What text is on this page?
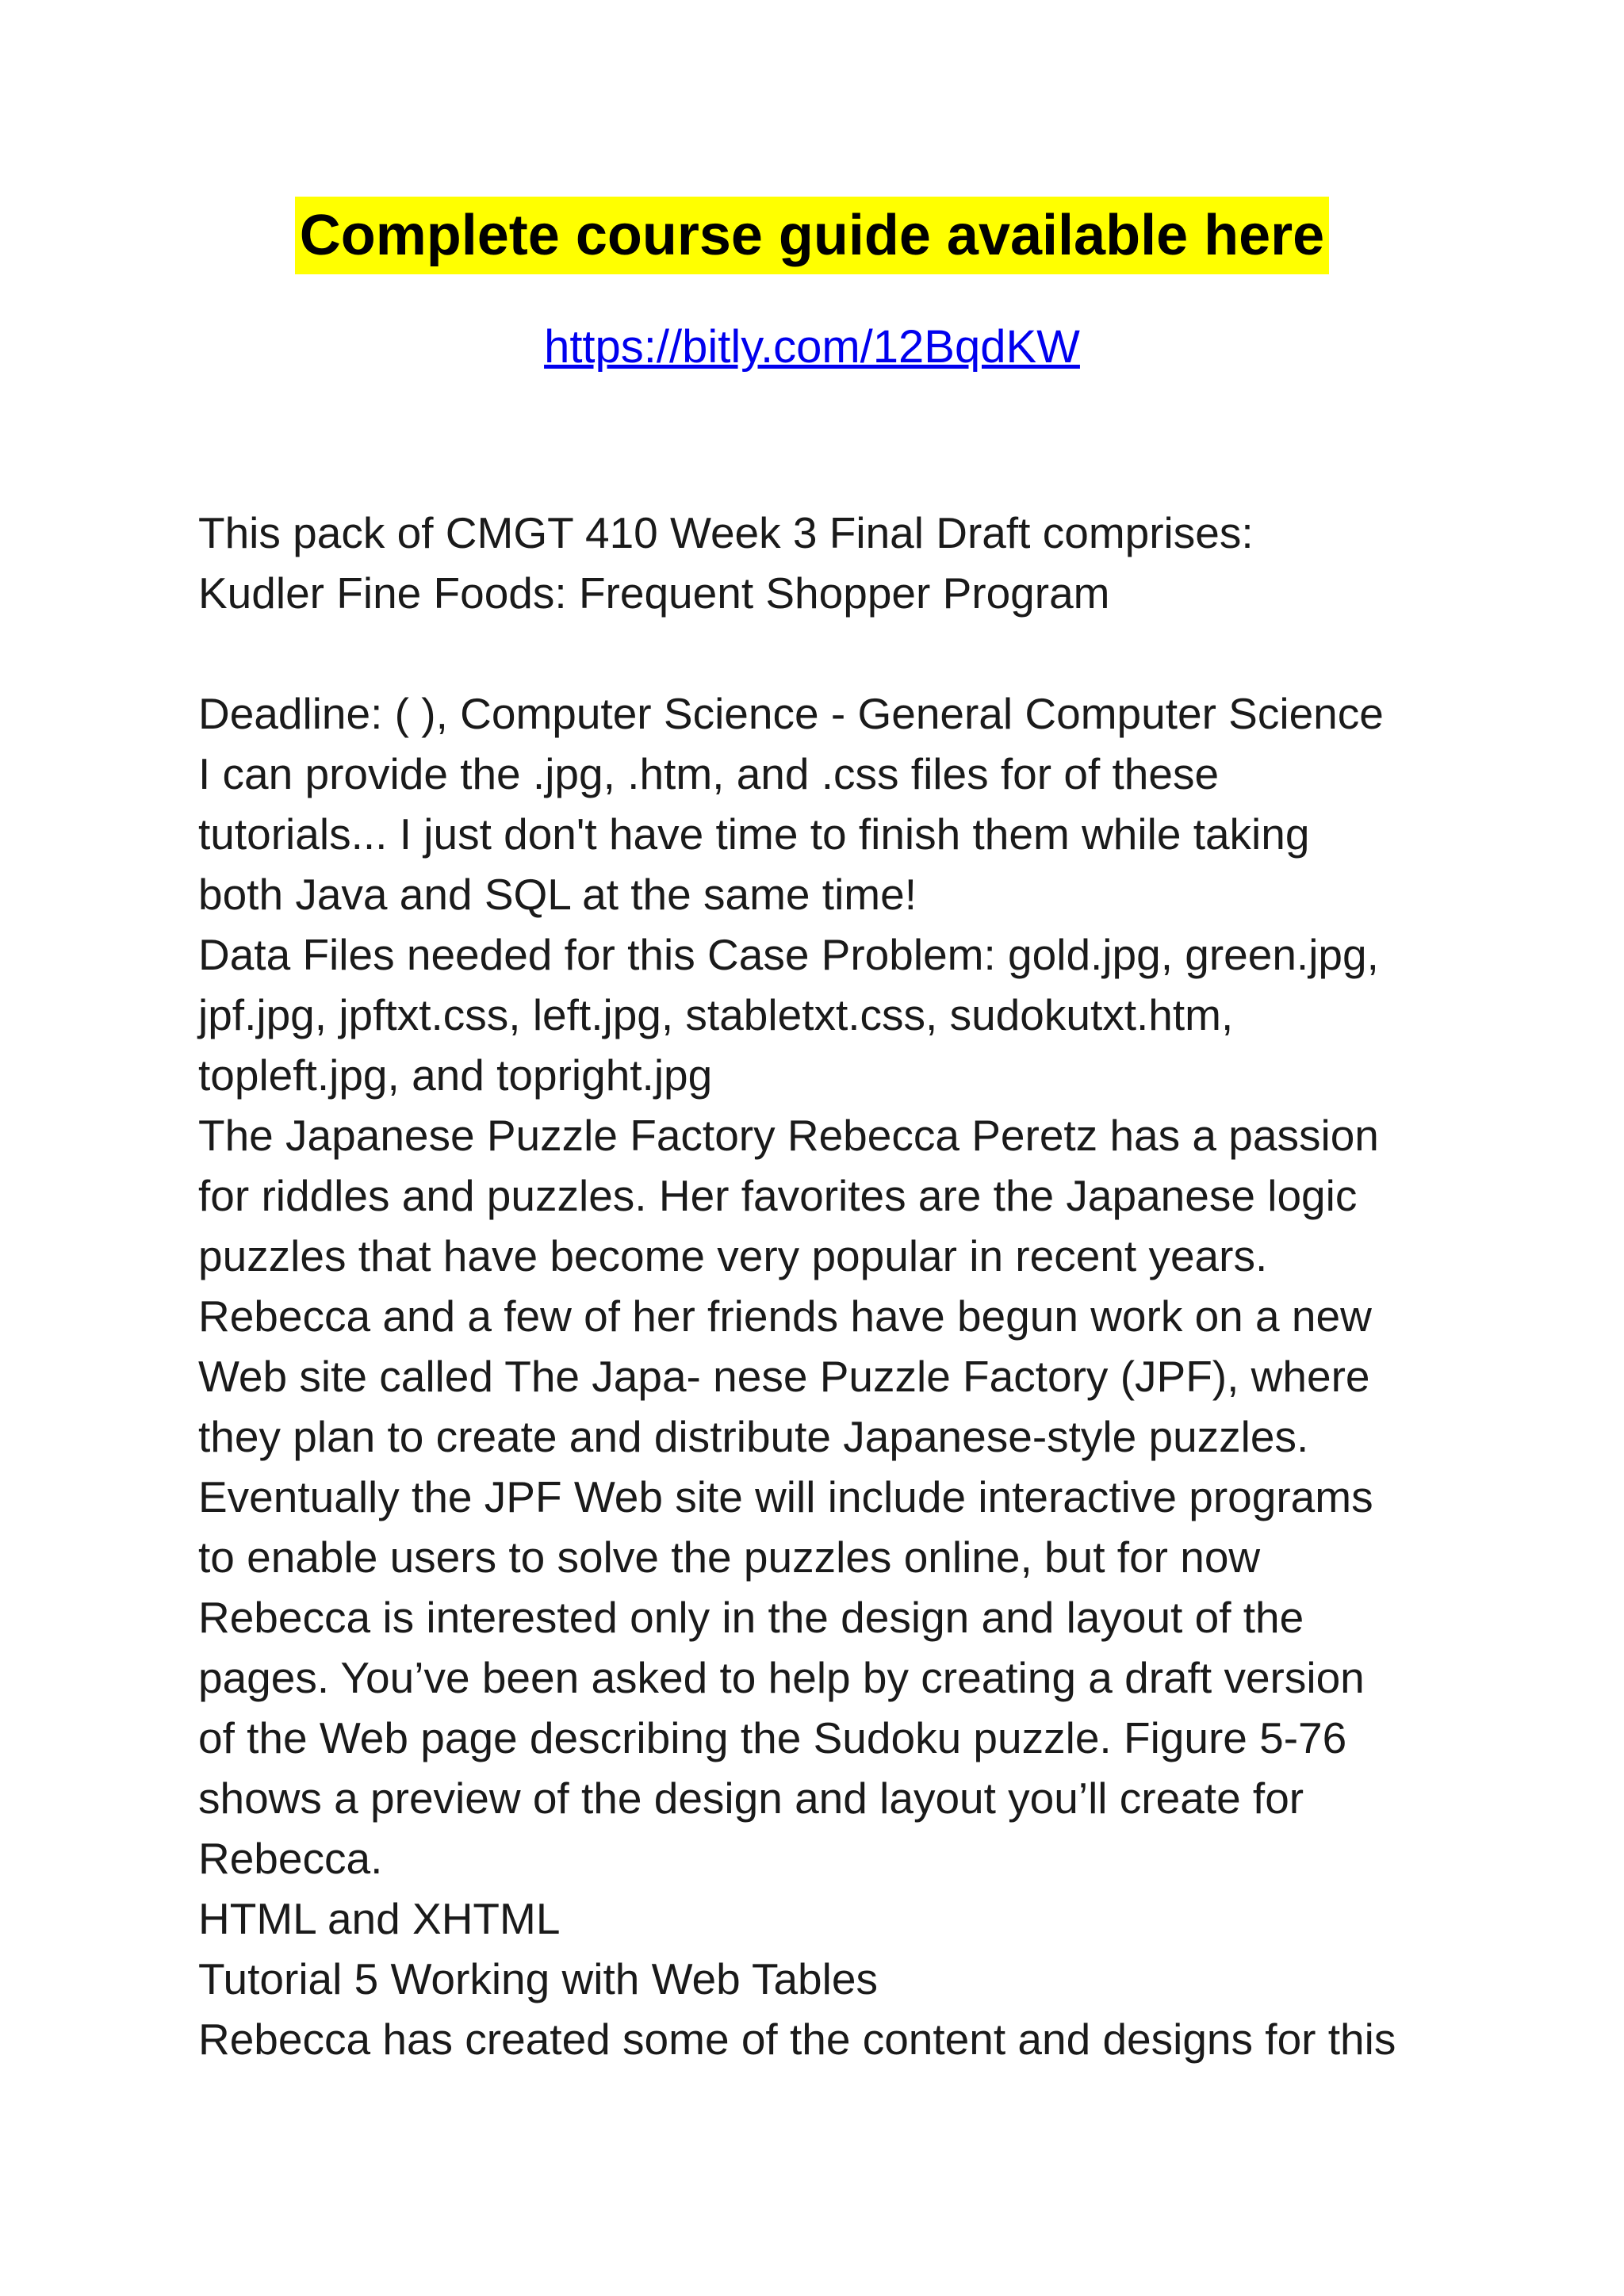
Complete course guide available here
https://bitly.com/12BqdKW
This pack of CMGT 410 Week 3 Final Draft comprises:
Kudler Fine Foods: Frequent Shopper Program
Deadline: ( ), Computer Science - General Computer Science
I can provide the .jpg, .htm, and .css files for of these
tutorials... I just don't have time to finish them while taking
both Java and SQL at the same time!
Data Files needed for this Case Problem: gold.jpg, green.jpg,
jpf.jpg, jpftxt.css, left.jpg, stabletxt.css, sudokutxt.htm,
topleft.jpg, and topright.jpg
The Japanese Puzzle Factory Rebecca Peretz has a passion
for riddles and puzzles. Her favorites are the Japanese logic
puzzles that have become very popular in recent years.
Rebecca and a few of her friends have begun work on a new
Web site called The Japa- nese Puzzle Factory (JPF), where
they plan to create and distribute Japanese-style puzzles.
Eventually the JPF Web site will include interactive programs
to enable users to solve the puzzles online, but for now
Rebecca is interested only in the design and layout of the
pages. You’ve been asked to help by creating a draft version
of the Web page describing the Sudoku puzzle. Figure 5-76
shows a preview of the design and layout you’ll create for
Rebecca.
HTML and XHTML
Tutorial 5 Working with Web Tables
Rebecca has created some of the content and designs for this
